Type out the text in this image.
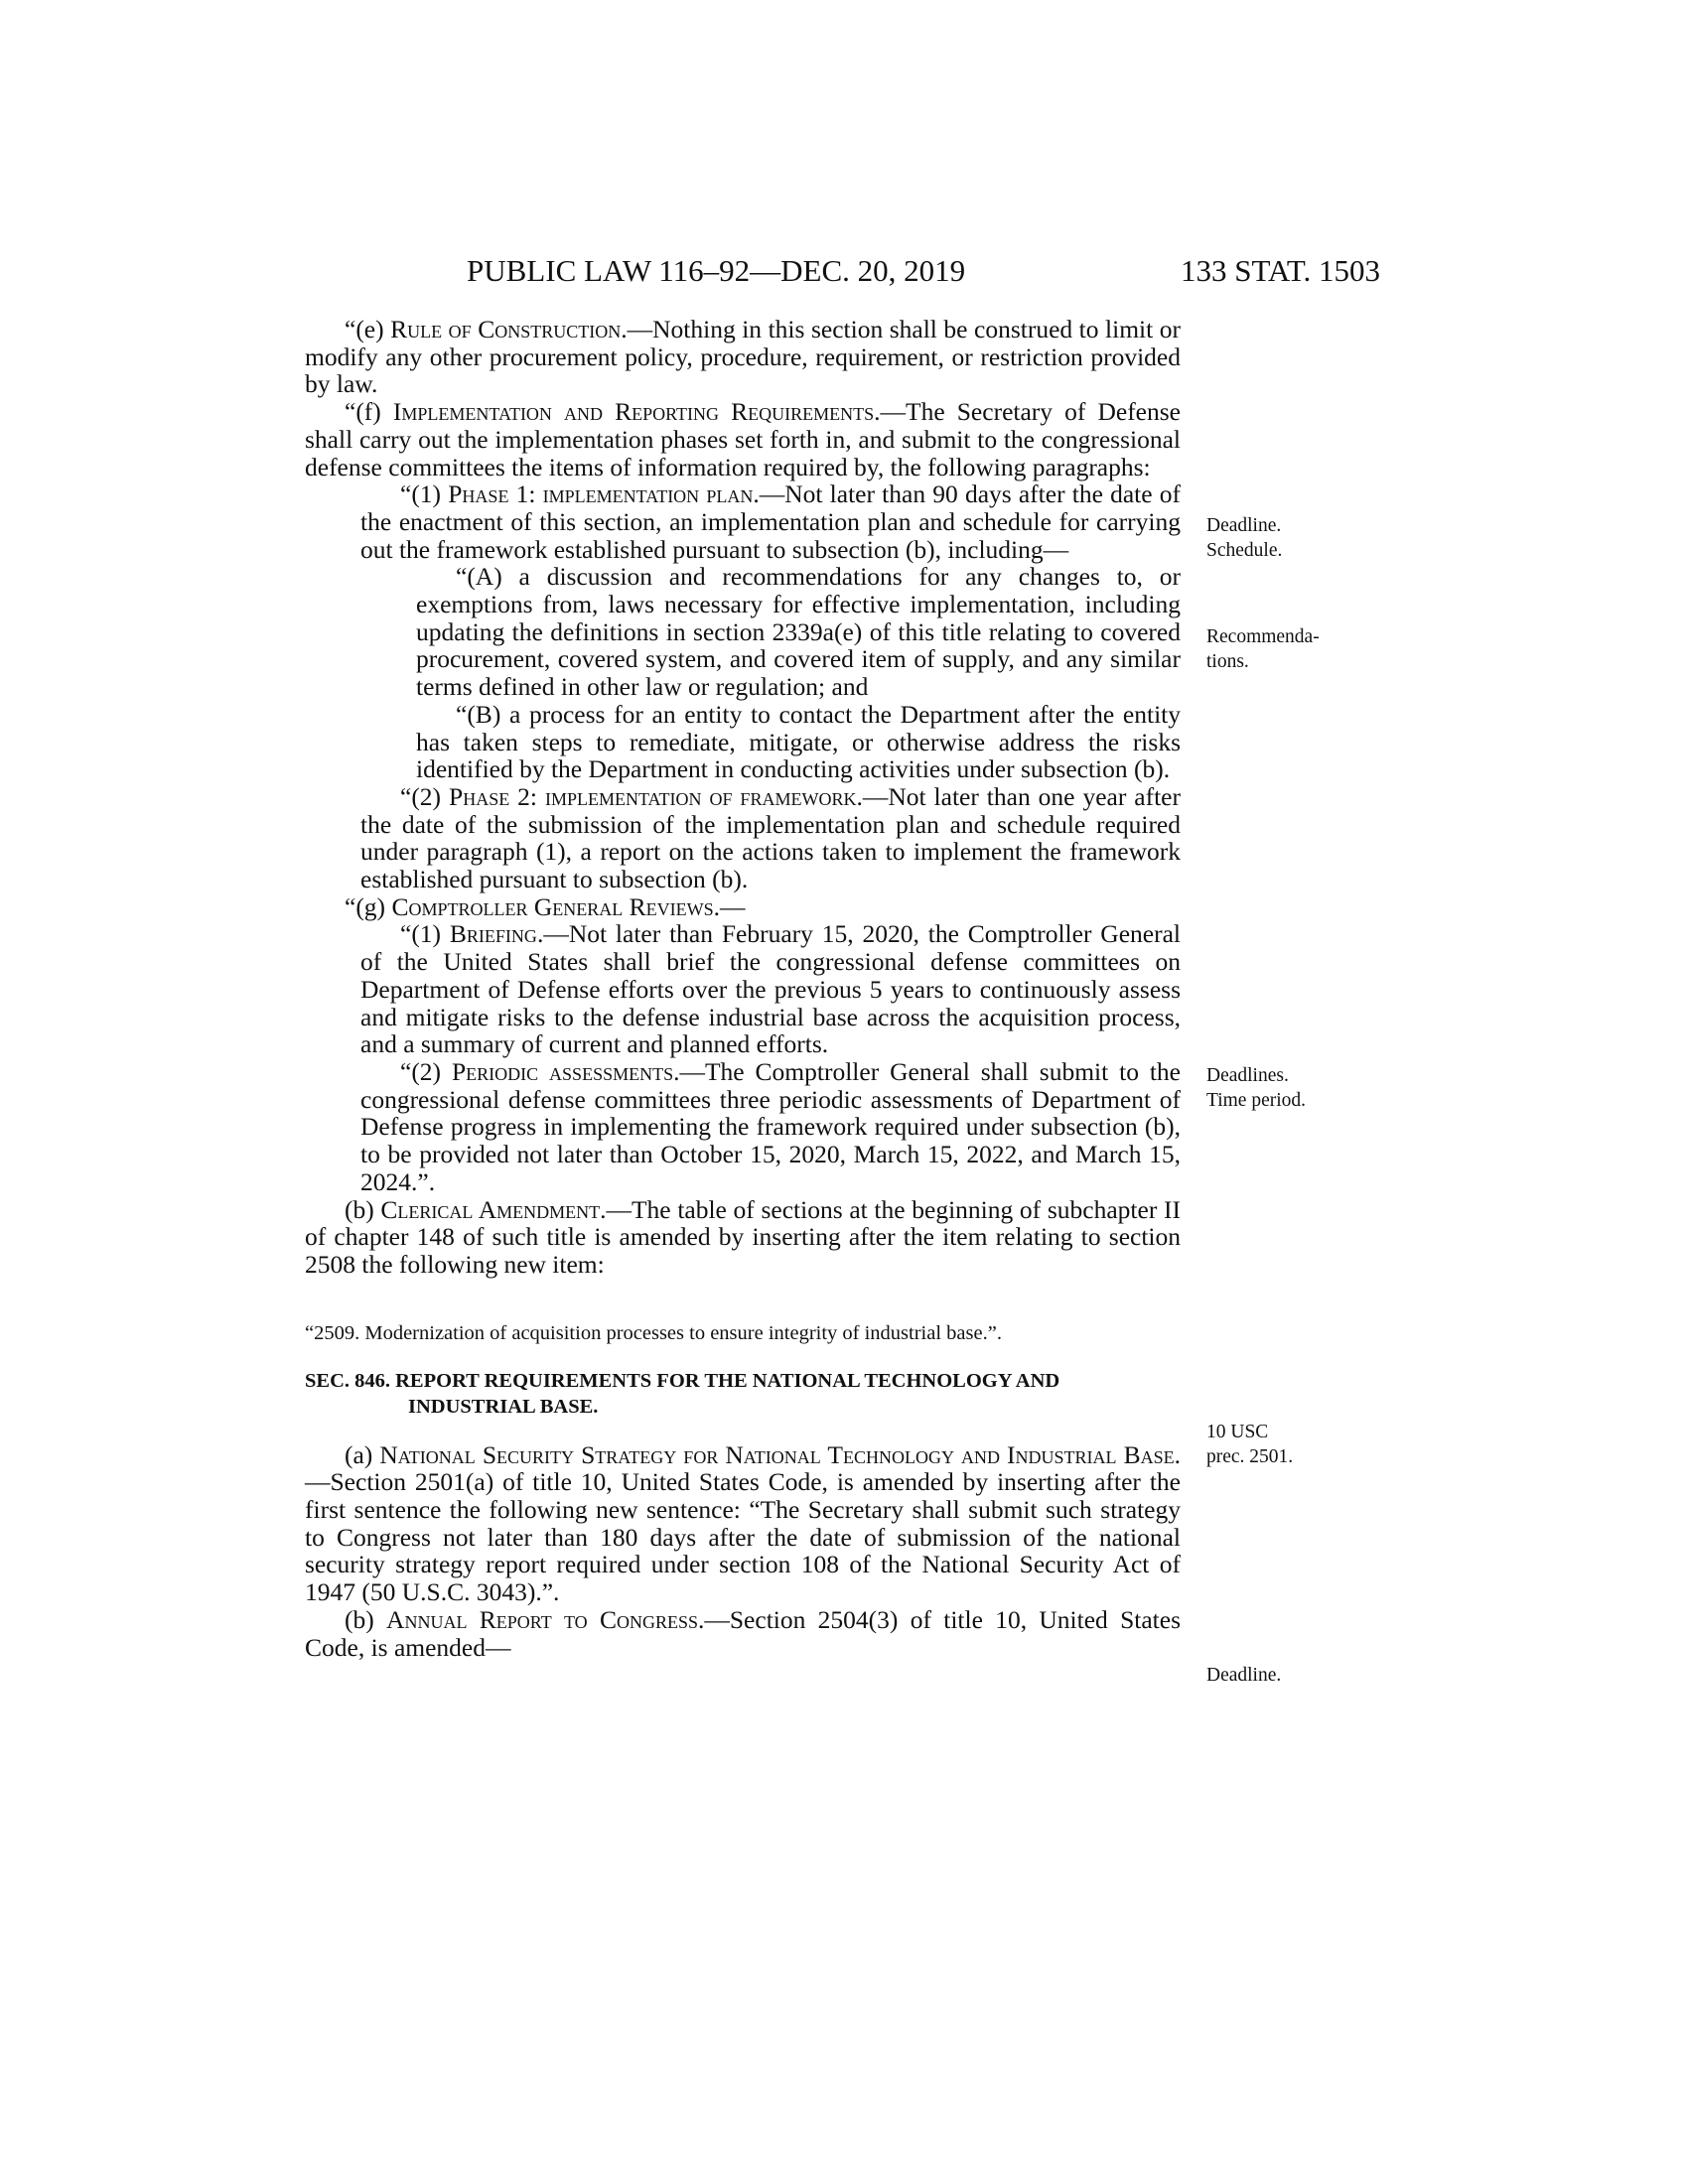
PUBLIC LAW 116–92—DEC. 20, 2019	133 STAT. 1503

“(e) Rule of Construction.—Nothing in this section shall be construed to limit or modify any other procurement policy, procedure, requirement, or restriction provided by law.

“(f) Implementation and Reporting Requirements.—The Secretary of Defense shall carry out the implementation phases set forth in, and submit to the congressional defense committees the items of information required by, the following paragraphs:

“(1) Phase 1: implementation plan.—Not later than 90 days after the date of the enactment of this section, an implementation plan and schedule for carrying out the framework established pursuant to subsection (b), including—

“(A) a discussion and recommendations for any changes to, or exemptions from, laws necessary for effective implementation, including updating the definitions in section 2339a(e) of this title relating to covered procurement, covered system, and covered item of supply, and any similar terms defined in other law or regulation; and

“(B) a process for an entity to contact the Department after the entity has taken steps to remediate, mitigate, or otherwise address the risks identified by the Department in conducting activities under subsection (b).

“(2) Phase 2: implementation of framework.—Not later than one year after the date of the submission of the implementation plan and schedule required under paragraph (1), a report on the actions taken to implement the framework established pursuant to subsection (b).

“(g) Comptroller General Reviews.—

“(1) Briefing.—Not later than February 15, 2020, the Comptroller General of the United States shall brief the congressional defense committees on Department of Defense efforts over the previous 5 years to continuously assess and mitigate risks to the defense industrial base across the acquisition process, and a summary of current and planned efforts.

“(2) Periodic assessments.—The Comptroller General shall submit to the congressional defense committees three periodic assessments of Department of Defense progress in implementing the framework required under subsection (b), to be provided not later than October 15, 2020, March 15, 2022, and March 15, 2024.”.

(b) Clerical Amendment.—The table of sections at the beginning of subchapter II of chapter 148 of such title is amended by inserting after the item relating to section 2508 the following new item:

“2509. Modernization of acquisition processes to ensure integrity of industrial base.”.

SEC. 846. REPORT REQUIREMENTS FOR THE NATIONAL TECHNOLOGY AND INDUSTRIAL BASE.

(a) National Security Strategy for National Technology and Industrial Base.—Section 2501(a) of title 10, United States Code, is amended by inserting after the first sentence the following new sentence: “The Secretary shall submit such strategy to Congress not later than 180 days after the date of submission of the national security strategy report required under section 108 of the National Security Act of 1947 (50 U.S.C. 3043).”.

(b) Annual Report to Congress.—Section 2504(3) of title 10, United States Code, is amended—

Deadline.
Schedule.
Recommenda-
tions.
Deadlines.
Time period.
10 USC
prec. 2501.
Deadline.
